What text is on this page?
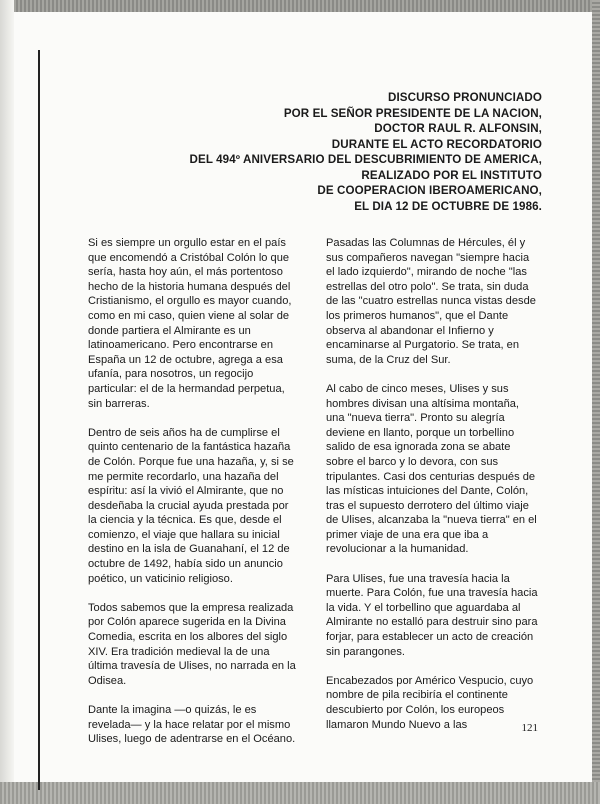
DISCURSO PRONUNCIADO
POR EL SEÑOR PRESIDENTE DE LA NACION,
DOCTOR RAUL R. ALFONSIN,
DURANTE EL ACTO RECORDATORIO
DEL 494º ANIVERSARIO DEL DESCUBRIMIENTO DE AMERICA,
REALIZADO POR EL INSTITUTO
DE COOPERACION IBEROAMERICANO,
EL DIA 12 DE OCTUBRE DE 1986.

Si es siempre un orgullo estar en el país que encomendó a Cristóbal Colón lo que sería, hasta hoy aún, el más portentoso hecho de la historia humana después del Cristianismo, el orgullo es mayor cuando, como en mi caso, quien viene al solar de donde partiera el Almirante es un latinoamericano. Pero encontrarse en España un 12 de octubre, agrega a esa ufanía, para nosotros, un regocijo particular: el de la hermandad perpetua, sin barreras.

Dentro de seis años ha de cumplirse el quinto centenario de la fantástica hazaña de Colón. Porque fue una hazaña, y, si se me permite recordarlo, una hazaña del espíritu: así la vivió el Almirante, que no desdeñaba la crucial ayuda prestada por la ciencia y la técnica. Es que, desde el comienzo, el viaje que hallara su inicial destino en la isla de Guanahaní, el 12 de octubre de 1492, había sido un anuncio poético, un vaticinio religioso.

Todos sabemos que la empresa realizada por Colón aparece sugerida en la Divina Comedia, escrita en los albores del siglo XIV. Era tradición medieval la de una última travesía de Ulises, no narrada en la Odisea.

Dante la imagina —o quizás, le es revelada— y la hace relatar por el mismo Ulises, luego de adentrarse en el Océano.

Pasadas las Columnas de Hércules, él y sus compañeros navegan "siempre hacia el lado izquierdo", mirando de noche "las estrellas del otro polo". Se trata, sin duda de las "cuatro estrellas nunca vistas desde los primeros humanos", que el Dante observa al abandonar el Infierno y encaminarse al Purgatorio. Se trata, en suma, de la Cruz del Sur.

Al cabo de cinco meses, Ulises y sus hombres divisan una altísima montaña, una "nueva tierra". Pronto su alegría deviene en llanto, porque un torbellino salido de esa ignorada zona se abate sobre el barco y lo devora, con sus tripulantes. Casi dos centurias después de las místicas intuiciones del Dante, Colón, tras el supuesto derrotero del último viaje de Ulises, alcanzaba la "nueva tierra" en el primer viaje de una era que iba a revolucionar a la humanidad.

Para Ulises, fue una travesía hacia la muerte. Para Colón, fue una travesía hacia la vida. Y el torbellino que aguardaba al Almirante no estalló para destruir sino para forjar, para establecer un acto de creación sin parangones.

Encabezados por Américo Vespucio, cuyo nombre de pila recibiría el continente descubierto por Colón, los europeos llamaron Mundo Nuevo a las	121
